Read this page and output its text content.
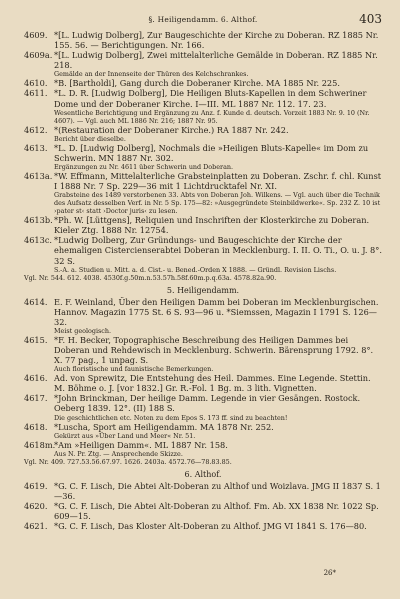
§. Heiligendamm. 6. Althof.	403
4609. *[L. Ludwig Dolberg], Zur Baugeschichte der Kirche zu Doberan. RZ 1885 Nr. 155. 56. — Berichtigungen. Nr. 166.
4609a. *[L. Ludwig Dolberg], Zwei mittelalterliche Gemälde in Doberan. RZ 1885 Nr. 218.
Gemälde an der Innenseite der Thüren des Kelchschrankes.
4610. *B. [Bartholdi], Gang durch die Doberaner Kirche. MA 1885 Nr. 225.
4611. *L. D. R. [Ludwig Dolberg], Die Heiligen Bluts-Kapellen in dem Schweriner Dome und der Doberaner Kirche. I—III. ML 1887 Nr. 112. 17. 23.
Wesentliche Berichtigung und Ergänzung zu Anz. f. Kunde d. deutsch. Vorzeit 1883 Nr. 9. 10 (Nr. 4607). — Vgl. auch ML 1886 Nr. 216; 1887 Nr. 95.
4612. *(Restauration der Doberaner Kirche.) RA 1887 Nr. 242.
Bericht über dieselbe.
4613. *L. D. [Ludwig Dolberg], Nochmals die »Heiligen Bluts-Kapelle« im Dom zu Schwerin. MN 1887 Nr. 302.
Ergänzungen zu Nr. 4611 über Schwerin und Doberan.
4613a. *W. Effmann, Mittelalterliche Grabsteinplatten zu Doberan. Zschr. f. chl. Kunst I 1888 Nr. 7 Sp. 229—36 mit 1 Lichtdrucktafel Nr. XI.
Grabsteine des 1489 verstorbenen 33. Abts von Doberan Joh. Wilkens. — Vgl. auch über die Technik des Aufsatz desselben Verf. in Nr. 5 Sp. 175—82: »Ausgegründete Steinbildwerke«. Sp. 232 Z. 10 ist ›pater st‹ statt ›Doctor juris‹ zu lesen.
4613b.*Ph. W. [Lüttgens], Reliquien und Inschriften der Klosterkirche zu Doberan. Kieler Ztg. 1888 Nr. 12754.
4613c. *Ludwig Dolberg, Zur Gründungs- und Baugeschichte der Kirche der ehemaligen Cistercienserabtei Doberan in Mecklenburg. I. II. O. Ti., O. u. J. 8°. 32 S.
S.-A. a. Studien u. Mitt. a. d. Cist.- u. Bened.-Orden X 1888. — Gründl. Revision Lischs.
Vgl. Nr. 544. 612. 4038. 4530f.g.50m.n.53.57h.58f.60m.p.q.63a. 4578.82a.90.
5. Heiligendamm.
4614. E. F. Weinland, Über den Heiligen Damm bei Doberan im Mecklenburgischen. Hannov. Magazin 1775 St. 6 S. 93—96 u. *Siemssen, Magazin I 1791 S. 126—32.
Meist geologisch.
4615. *F. H. Becker, Topographische Beschreibung des Heiligen Dammes bei Doberan und Rehdewisch in Mecklenburg. Schwerin. Bärensprung 1792. 8°. X. 77 pag., 1 unpag. S.
Auch floristische und faunistische Bemerkungen.
4616. Ad. von Sprewitz, Die Entstehung des Heil. Dammes. Eine Legende. Stettin. M. Böhme o. J. [vor 1832.] Gr. R.-Fol. 1 Bg. m. 3 lith. Vignetten.
4617. *John Brinckman, Der heilige Damm. Legende in vier Gesängen. Rostock. Oeberg 1839. 12°. (II) 188 S.
Die geschichtlichen etc. Noten zu dem Epos S. 173 ff. sind zu beachten!
4618. *Luscha, Sport am Heiligendamm. MA 1878 Nr. 252.
Gekürzt aus »Über Land und Meer« Nr. 51.
4618m.*Am »Heiligen Damm«. ML 1887 Nr. 158.
Aus N. Pr. Ztg. — Ansprechende Skizze.
Vgl. Nr. 409. 727.53.56.67.97. 1626. 2403a. 4572.76—78.83.85.
6. Althof.
4619. *G. C. F. Lisch, Die Abtei Alt-Doberan zu Althof und Woizlava. JMG II 1837 S. 1—36.
4620. *G. C. F. Lisch, Die Abtei Alt-Doberan zu Althof. Fm. Ab. XX 1838 Nr. 1022 Sp. 609—15.
4621. *G. C. F. Lisch, Das Kloster Alt-Doberan zu Althof. JMG VI 1841 S. 176—80.
26*
